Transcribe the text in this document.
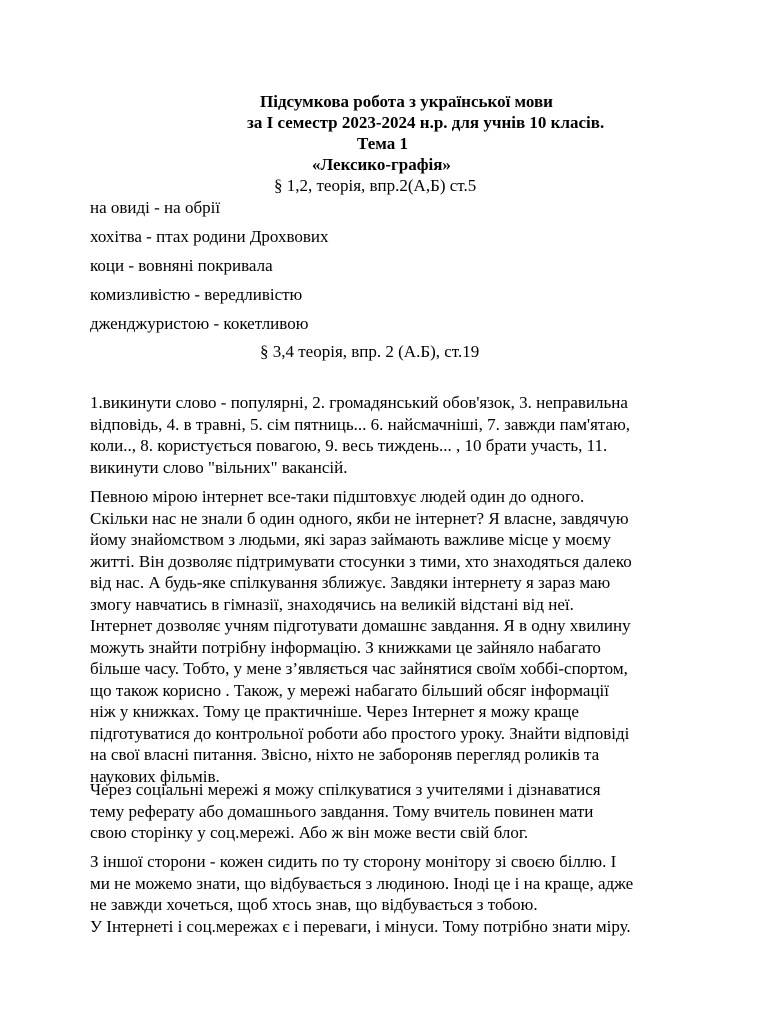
Підсумкова робота з української мови
за І семестр 2023-2024 н.р. для учнів 10 класів.
Тема 1
«Лексико-графія»
§ 1,2, теорія, впр.2(А,Б) ст.5
на овиді - на обрії
хохітва - птах родини Дрохвових
коци - вовняні покривала
комизливістю - вередливістю
дженджуристою - кокетливою
§ 3,4 теорія, впр. 2 (А.Б), ст.19
1.викинути слово - популярні, 2. громадянський обов'язок, 3. неправильна
відповідь, 4. в травні, 5. сім пятниць... 6. найсмачніші, 7. завжди пам'ятаю,
коли.., 8. користується повагою, 9. весь тиждень... , 10 брати участь, 11.
викинути слово "вільних" вакансій.
Певною мірою інтернет все-таки підштовхує людей один до одного.
Скільки нас не знали б один одного, якби не інтернет? Я власне, завдячую
йому знайомством з людьми, які зараз займають важливе місце у моєму
житті. Він дозволяє підтримувати стосунки з тими, хто знаходяться далеко
від нас. А будь-яке спілкування зближує. Завдяки інтернету я зараз маю
змогу навчатись в гімназії, знаходячись на великій відстані від неї.
Інтернет дозволяє учням підготувати домашнє завдання. Я в одну хвилину
можуть знайти потрібну інформацію. З книжками це зайняло набагато
більше часу. Тобто, у мене з’являється час зайнятися своїм хоббі-спортом,
що також корисно . Також, у мережі набагато більший обсяг інформації
ніж у книжках. Тому це практичніше. Через Інтернет я можу краще
підготуватися до контрольної роботи або простого уроку. Знайти відповіді
на свої власні питання. Звісно, ніхто не забороняв перегляд роликів та
наукових фільмів.
Через соціальні мережі я можу спілкуватися з учителями і дізнаватися
тему реферату або домашнього завдання. Тому вчитель повинен мати
свою сторінку у соц.мережі. Або ж він може вести свій блог.
З іншої сторони - кожен сидить по ту сторону монітору зі своєю біллю. І
ми не можемо знати, що відбувається з людиною. Іноді це і на краще, адже
не завжди хочеться, щоб хтось знав, що відбувається з тобою.
У Інтернеті і соц.мережах є і переваги, і мінуси. Тому потрібно знати міру.
